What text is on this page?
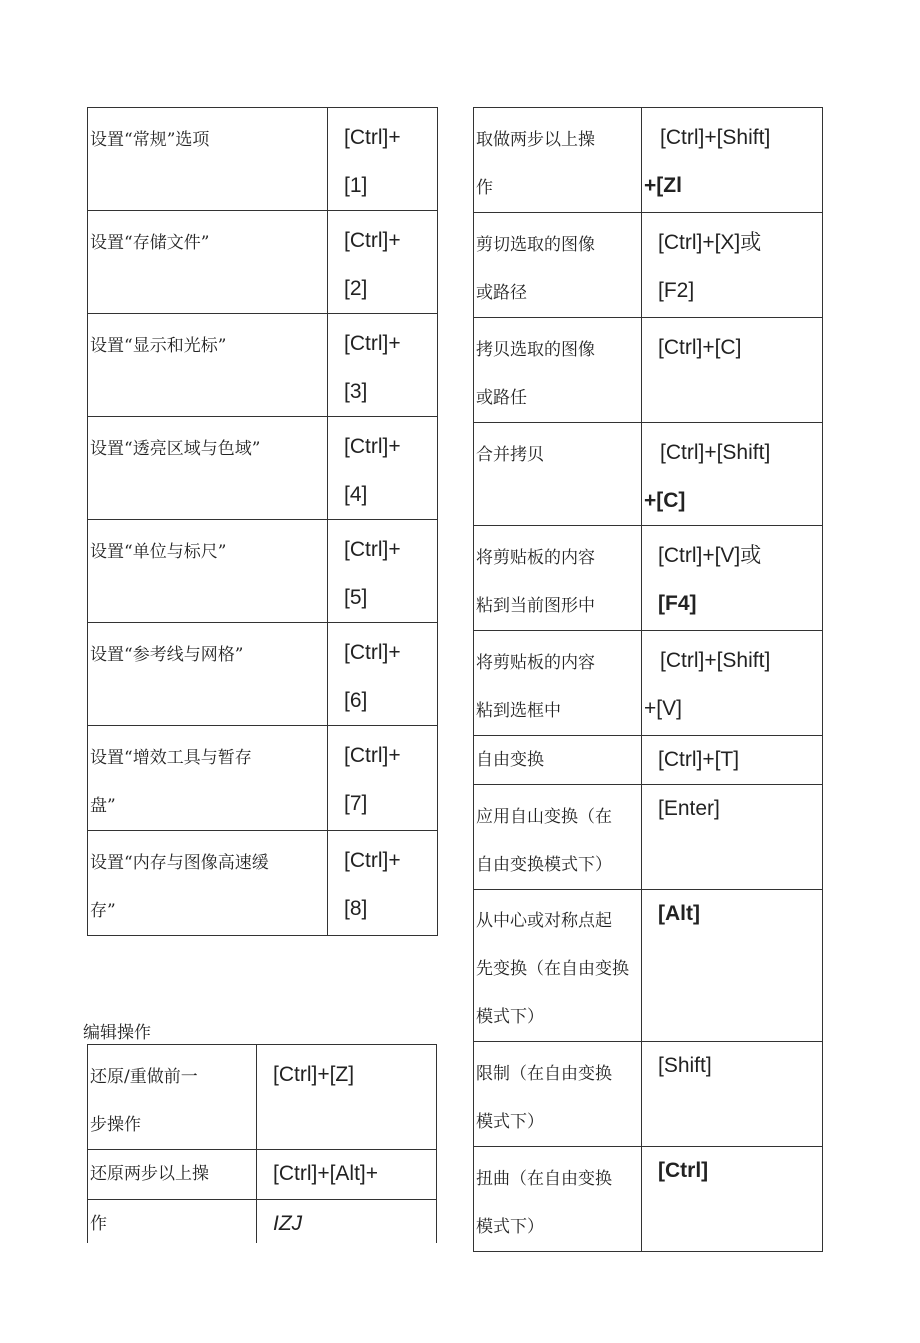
设置“常规”选项	[Ctrl]+
[1]
设置“存储文件”	[Ctrl]+
[2]
设置“显示和光标”	[Ctrl]+
[3]
设置“透亮区域与色域”	[Ctrl]+
[4]
设置“单位与标尺”	[Ctrl]+
[5]
设置“参考线与网格”	[Ctrl]+
[6]
设置“增效工具与暂存
盘”	[Ctrl]+
[7]
设置“内存与图像高速缓
存”	[Ctrl]+
[8]
编辑操作
还原/重做前一
步操作	[Ctrl]+[Z]
还原两步以上操	[Ctrl]+[Alt]+
作	IZJ
取做两步以上操
作	[Ctrl]+[Shift]
+[Zl
剪切选取的图像
或路径	[Ctrl]+[X]或
[F2]
拷贝选取的图像
或路任	[Ctrl]+[C]
合并拷贝	[Ctrl]+[Shift]
+[C]
将剪贴板的内容
粘到当前图形中	[Ctrl]+[V]或
[F4]
将剪贴板的内容
粘到选框中	[Ctrl]+[Shift]
+[V]
自由变换	[Ctrl]+[T]
应用自山变换（在
自由变换模式下）	[Enter]
从中心或对称点起
先变换（在自由变换
模式下）	[Alt]
限制（在自由变换
模式下）	[Shift]
扭曲（在自由变换
模式下）	[Ctrl]
